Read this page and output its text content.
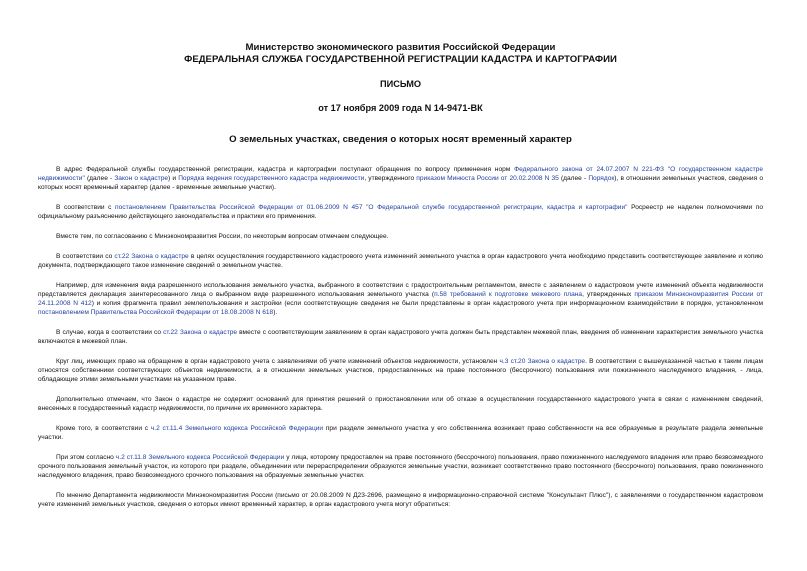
Министерство экономического развития Российской Федерации
ФЕДЕРАЛЬНАЯ СЛУЖБА ГОСУДАРСТВЕННОЙ РЕГИСТРАЦИИ КАДАСТРА И КАРТОГРАФИИ
ПИСЬМО
от 17 ноября 2009 года N 14-9471-ВК
О земельных участках, сведения о которых носят временный характер

В адрес Федеральной службы государственной регистрации, кадастра и картографии поступают обращения по вопросу применения норм Федерального закона от 24.07.2007 N 221-ФЗ "О государственном кадастре недвижимости" (далее - Закон о кадастре) и Порядка ведения государственного кадастра недвижимости, утвержденного приказом Минюста России от 20.02.2008 N 35 (далее - Порядок), в отношении земельных участков, сведения о которых носят временный характер (далее - временные земельные участки).

В соответствии с постановлением Правительства Российской Федерации от 01.06.2009 N 457 "О Федеральной службе государственной регистрации, кадастра и картографии" Росреестр не наделен полномочиями по официальному разъяснению действующего законодательства и практики его применения.

Вместе тем, по согласованию с Минэкономразвития России, по некоторым вопросам отмечаем следующее.

В соответствии со ст.22 Закона о кадастре в целях осуществления государственного кадастрового учета изменений земельного участка в орган кадастрового учета необходимо представить соответствующее заявление и копию документа, подтверждающего такое изменение сведений о земельном участке.

Например, для изменения вида разрешенного использования земельного участка, выбранного в соответствии с градостроительным регламентом, вместе с заявлением о кадастровом учете изменений объекта недвижимости представляется декларация заинтересованного лица о выбранном виде разрешенного использования земельного участка (п.58 требований к подготовке межевого плана, утвержденных приказом Минэкономразвития России от 24.11.2008 N 412) и копия фрагмента правил землепользования и застройки (если соответствующие сведения не были представлены в орган кадастрового учета при информационном взаимодействии в порядке, установленном постановлением Правительства Российской Федерации от 18.08.2008 N 618).

В случае, когда в соответствии со ст.22 Закона о кадастре вместе с соответствующим заявлением в орган кадастрового учета должен быть представлен межевой план, введения об изменении характеристик земельного участка включаются в межевой план.

Круг лиц, имеющих право на обращение в орган кадастрового учета с заявлениями об учете изменений объектов недвижимости, установлен ч.3 ст.20 Закона о кадастре. В соответствии с вышеуказанной частью к таким лицам относятся собственники соответствующих объектов недвижимости, а в отношении земельных участков, предоставленных на праве постоянного (бессрочного) пользования или пожизненного наследуемого владения, - лица, обладающие этими земельными участками на указанном праве.

Дополнительно отмечаем, что Закон о кадастре не содержит оснований для принятия решений о приостановлении или об отказе в осуществлении государственного кадастрового учета в связи с изменением сведений, внесенных в государственный кадастр недвижимости, по причине их временного характера.

Кроме того, в соответствии с ч.2 ст.11.4 Земельного кодекса Российской Федерации при разделе земельного участка у его собственника возникает право собственности на все образуемые в результате раздела земельные участки.

При этом согласно ч.2 ст.11.8 Земельного кодекса Российской Федерации у лица, которому предоставлен на праве постоянного (бессрочного) пользования, право пожизненного наследуемого владения или право безвозмездного срочного пользования земельный участок, из которого при разделе, объединении или перераспределении образуются земельные участки, возникает соответственно право постоянного (бессрочного) пользования, право пожизненного наследуемого владения, право безвозмездного срочного пользования на образуемые земельные участки.

По мнению Департамента недвижимости Минэкономразвития России (письмо от 20.08.2009 N Д23-2696, размещено в информационно-справочной системе "Консультант Плюс"), с заявлениями о государственном кадастровом учете изменений земельных участков, сведения о которых имеют временный характер, в орган кадастрового учета могут обратиться:
